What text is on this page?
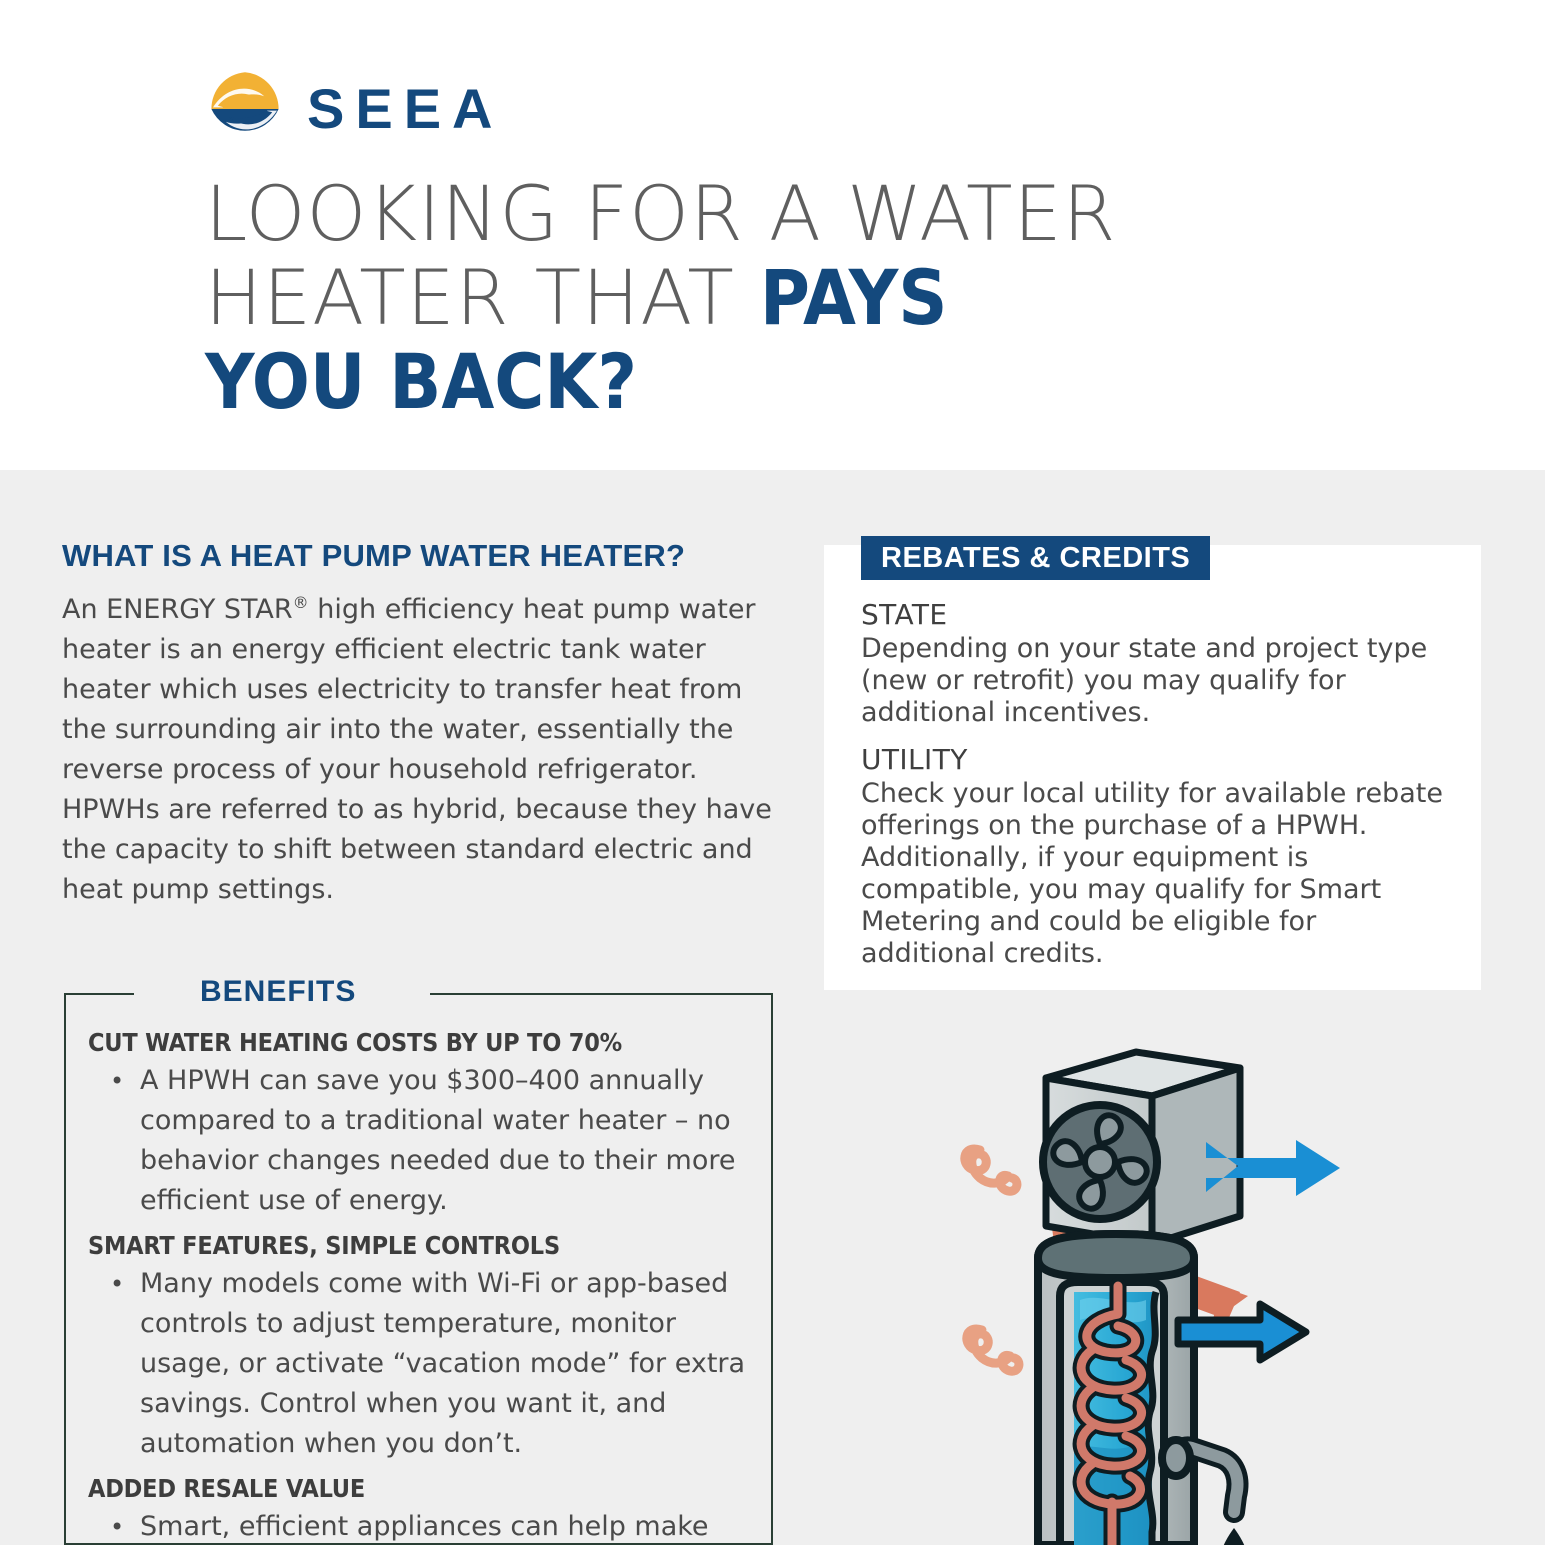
SEEA
LOOKING FOR A WATER
HEATER THAT PAYS
YOU BACK?
WHAT IS A HEAT PUMP WATER HEATER?
An ENERGY STAR® high efficiency heat pump water heater is an energy efficient electric tank water heater which uses electricity to transfer heat from the surrounding air into the water, essentially the reverse process of your household refrigerator. HPWHs are referred to as hybrid, because they have the capacity to shift between standard electric and heat pump settings.
BENEFITS
CUT WATER HEATING COSTS BY UP TO 70%
• A HPWH can save you $300–400 annually compared to a traditional water heater – no behavior changes needed due to their more efficient use of energy.
SMART FEATURES, SIMPLE CONTROLS
• Many models come with Wi-Fi or app-based controls to adjust temperature, monitor usage, or activate “vacation mode” for extra savings. Control when you want it, and automation when you don’t.
ADDED RESALE VALUE
• Smart, efficient appliances can help make
REBATES & CREDITS
STATE
Depending on your state and project type (new or retrofit) you may qualify for additional incentives.
UTILITY
Check your local utility for available rebate offerings on the purchase of a HPWH. Additionally, if your equipment is compatible, you may qualify for Smart Metering and could be eligible for additional credits.
